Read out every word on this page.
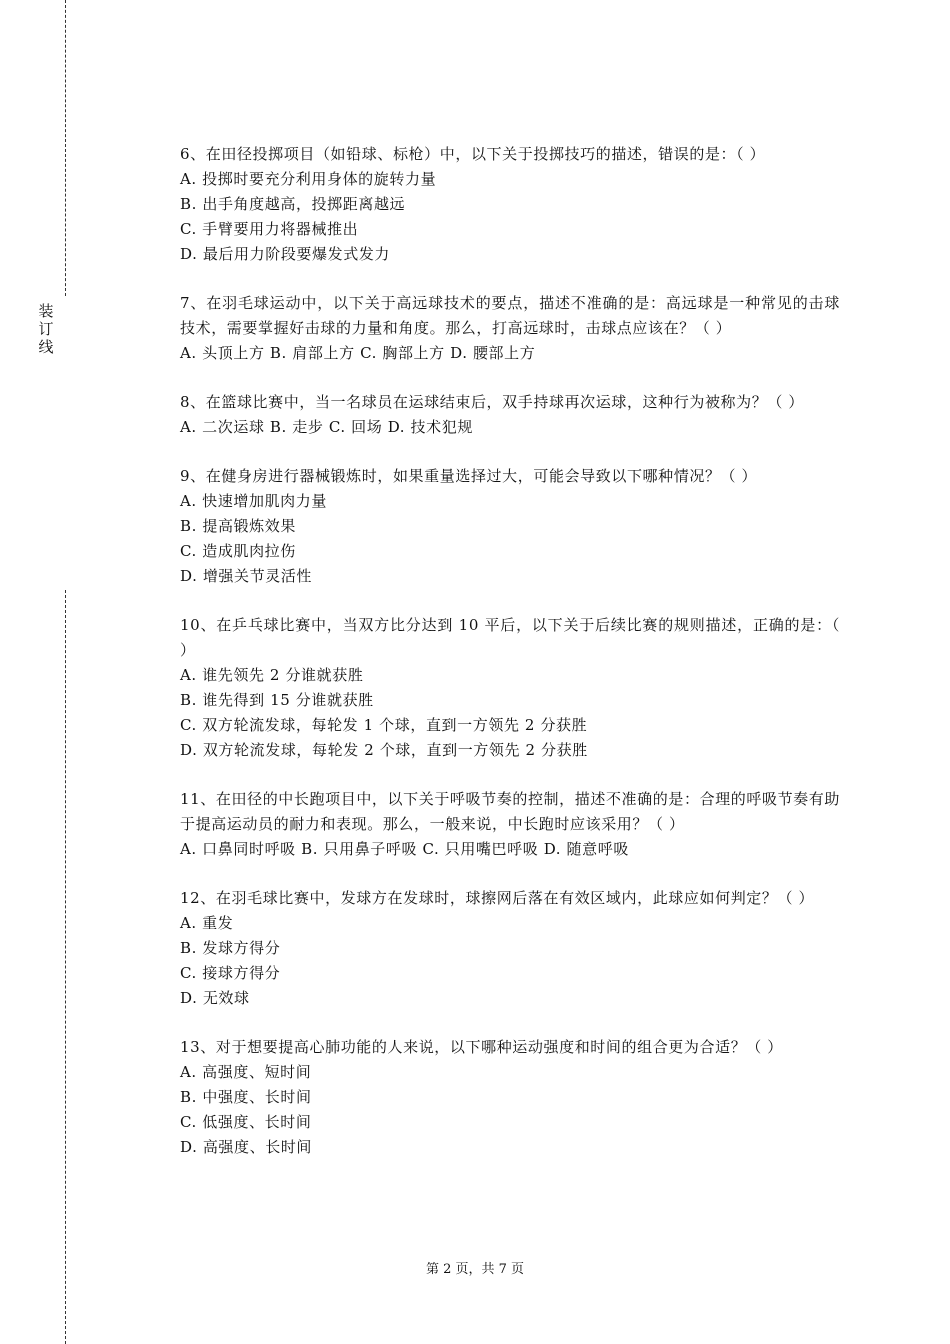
装
订
线
6、在田径投掷项目（如铅球、标枪）中，以下关于投掷技巧的描述，错误的是：（ ）
A. 投掷时要充分利用身体的旋转力量
B. 出手角度越高，投掷距离越远
C. 手臂要用力将器械推出
D. 最后用力阶段要爆发式发力
7、在羽毛球运动中，以下关于高远球技术的要点，描述不准确的是：高远球是一种常见的击球技术，需要掌握好击球的力量和角度。那么，打高远球时，击球点应该在？（ ）
A. 头顶上方 B. 肩部上方 C. 胸部上方 D. 腰部上方
8、在篮球比赛中，当一名球员在运球结束后，双手持球再次运球，这种行为被称为？（ ）
A. 二次运球 B. 走步 C. 回场 D. 技术犯规
9、在健身房进行器械锻炼时，如果重量选择过大，可能会导致以下哪种情况？（ ）
A. 快速增加肌肉力量
B. 提高锻炼效果
C. 造成肌肉拉伤
D. 增强关节灵活性
10、在乒乓球比赛中，当双方比分达到 10 平后，以下关于后续比赛的规则描述，正确的是：（ ）
A. 谁先领先 2 分谁就获胜
B. 谁先得到 15 分谁就获胜
C. 双方轮流发球，每轮发 1 个球，直到一方领先 2 分获胜
D. 双方轮流发球，每轮发 2 个球，直到一方领先 2 分获胜
11、在田径的中长跑项目中，以下关于呼吸节奏的控制，描述不准确的是：合理的呼吸节奏有助于提高运动员的耐力和表现。那么，一般来说，中长跑时应该采用？（ ）
A. 口鼻同时呼吸 B. 只用鼻子呼吸 C. 只用嘴巴呼吸 D. 随意呼吸
12、在羽毛球比赛中，发球方在发球时，球擦网后落在有效区域内，此球应如何判定？（ ）
A. 重发
B. 发球方得分
C. 接球方得分
D. 无效球
13、对于想要提高心肺功能的人来说，以下哪种运动强度和时间的组合更为合适？（ ）
A. 高强度、短时间
B. 中强度、长时间
C. 低强度、长时间
D. 高强度、长时间
第 2 页，共 7 页
